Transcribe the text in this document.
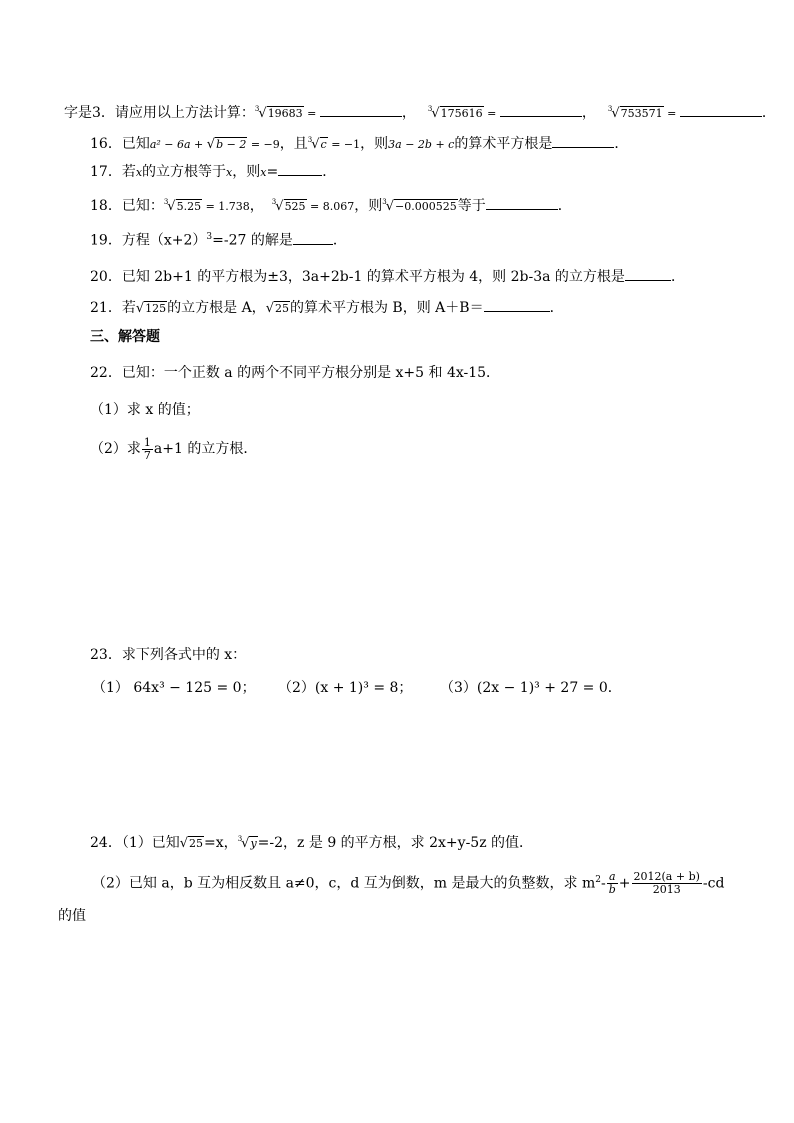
字是3．请应用以上方法计算：$^3$√19683 =	， $^3$√175616 =	， $^3$√753571 =	．
16．已知a² − 6a + √b − 2 = −9，且$^3$√c = −1，则3a − 2b + c的算术平方根是	．
17．若x的立方根等于x，则x=	．
18．已知：$^3$√5.25 = 1.738， $^3$√525 = 8.067，则$^3$√−0.000525等于	．
19．方程$(x+2)^3=-27$ 的解是	．
20．已知 2b+1 的平方根为±3，3a+2b-1 的算术平方根为 4，则 2b-3a 的立方根是	．
21．若√125的立方根是 A，√25的算术平方根为 B，则 A＋B＝	．
三、解答题
22．已知：一个正数 a 的两个不同平方根分别是 x+5 和 4x-15．
（1）求 x 的值；
（2）求 $\frac{1}{7} a+1$ 的立方根．
23．求下列各式中的 x：
（1） 64x³ − 125 = 0； （2）(x + 1)³ = 8； （3）(2x − 1)³ + 27 = 0．
24．（1）已知√25=x，$^3$√y=-2，z 是 9 的平方根，求 2x+y-5z 的值．
（2）已知 a，b 互为相反数且 a≠0，c，d 互为倒数，m 是最大的负整数，求 $m^2- \frac{a}{b} + \frac{2012(a + b)}{2013} -cd$
的值
